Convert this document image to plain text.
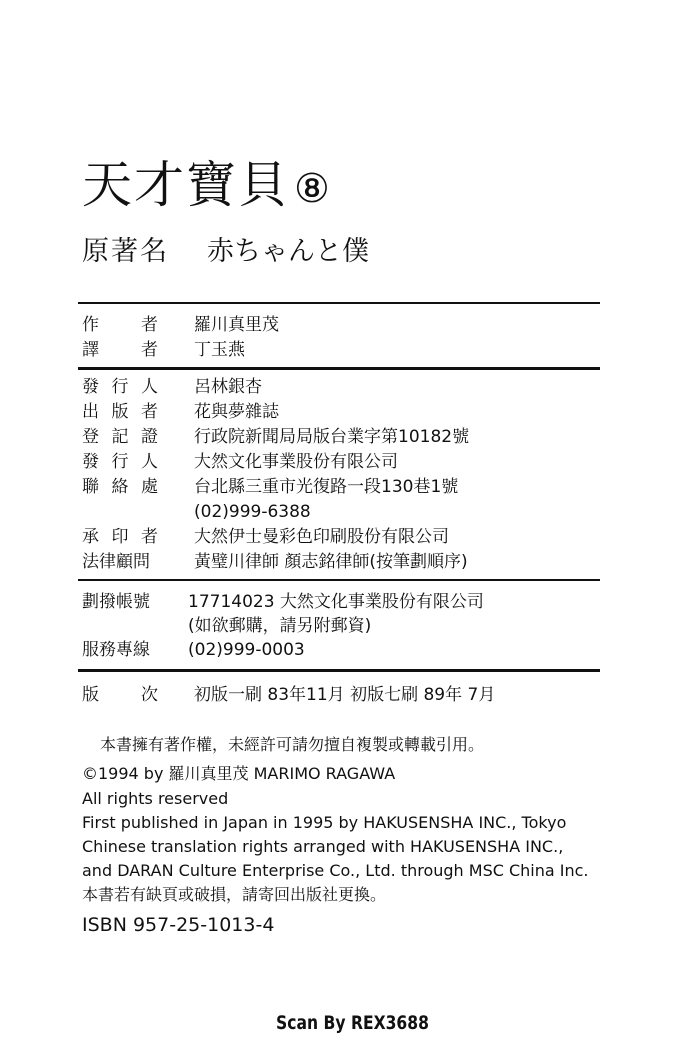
天才寶貝 ⑧
原著名 赤ちゃんと僕
作 者 羅川真里茂
譯 者 丁玉燕
發 行 人 呂林銀杏
出 版 者 花與夢雜誌
登 記 證 行政院新聞局局版台業字第10182號
發 行 人 大然文化事業股份有限公司
聯 絡 處 台北縣三重市光復路一段130巷1號
(02)999-6388
承 印 者 大然伊士曼彩色印刷股份有限公司
法律顧問	黃璧川律師 顏志銘律師(按筆劃順序)
劃撥帳號	17714023 大然文化事業股份有限公司
(如欲郵購，請另附郵資)
服務專線	(02)999-0003
版 次 初版一刷 83年11月 初版七刷 89年 7月
本書擁有著作權，未經許可請勿擅自複製或轉載引用。
©1994 by 羅川真里茂 MARIMO RAGAWA
All rights reserved
First published in Japan in 1995 by HAKUSENSHA INC., Tokyo
Chinese translation rights arranged with HAKUSENSHA INC.,
and DARAN Culture Enterprise Co., Ltd. through MSC China Inc.
本書若有缺頁或破損，請寄回出版社更換。
ISBN 957-25-1013-4
Scan By REX3688
